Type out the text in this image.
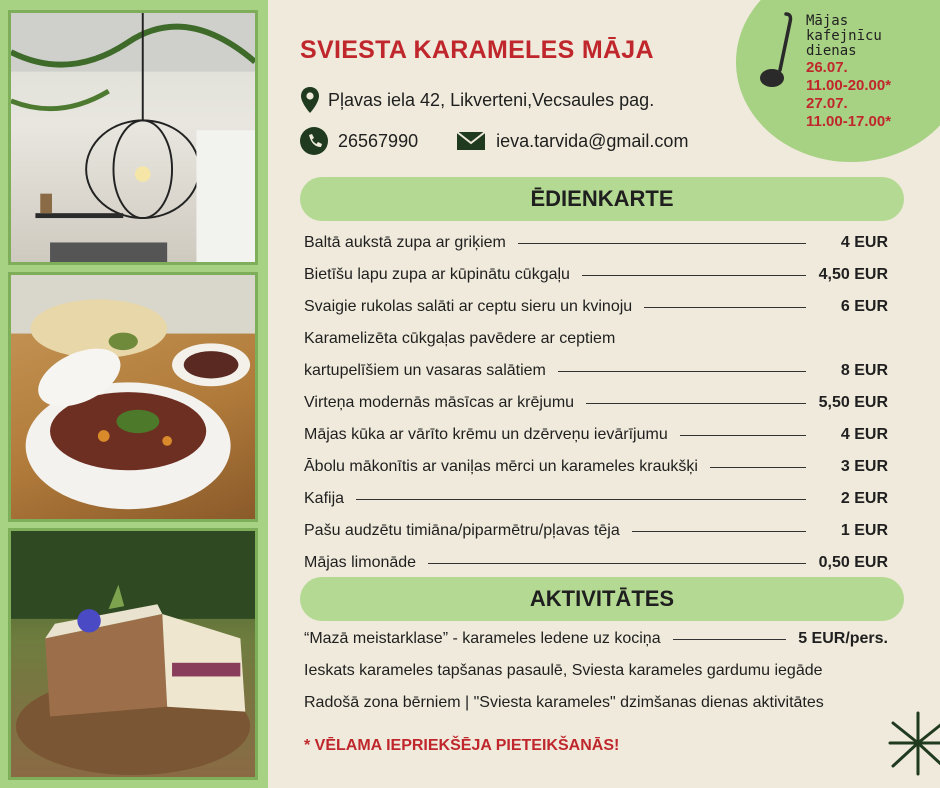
Mājas
kafejnīcu
dienas
26.07.
11.00-20.00*
27.07.
11.00-17.00*
SVIESTA KARAMELES MĀJA
Pļavas iela 42, Likverteni,Vecsaules pag.
26567990	ieva.tarvida@gmail.com
ĒDIENKARTE
Baltā aukstā zupa ar griķiem	4 EUR
Bietīšu lapu zupa ar kūpinātu cūkgaļu	4,50 EUR
Svaigie rukolas salāti ar ceptu sieru un kvinoju	6 EUR
Karamelizēta cūkgaļas pavēdere ar ceptiem
kartupelīšiem un vasaras salātiem	8 EUR
Virteņa modernās māsīcas ar krējumu	5,50 EUR
Mājas kūka ar vārīto krēmu un dzērveņu ievārījumu	4 EUR
Ābolu mākonītis ar vaniļas mērci un karameles kraukšķi	3 EUR
Kafija	2 EUR
Pašu audzētu timiāna/piparmētru/pļavas tēja	1 EUR
Mājas limonāde	0,50 EUR
AKTIVITĀTES
“Mazā meistarklase” - karameles ledene uz kociņa	5 EUR/pers.
Ieskats karameles tapšanas pasaulē, Sviesta karameles gardumu iegāde
Radošā zona bērniem | "Sviesta karameles" dzimšanas dienas aktivitātes
* VĒLAMA IEPRIEKŠĒJA PIETEIKŠANĀS!
